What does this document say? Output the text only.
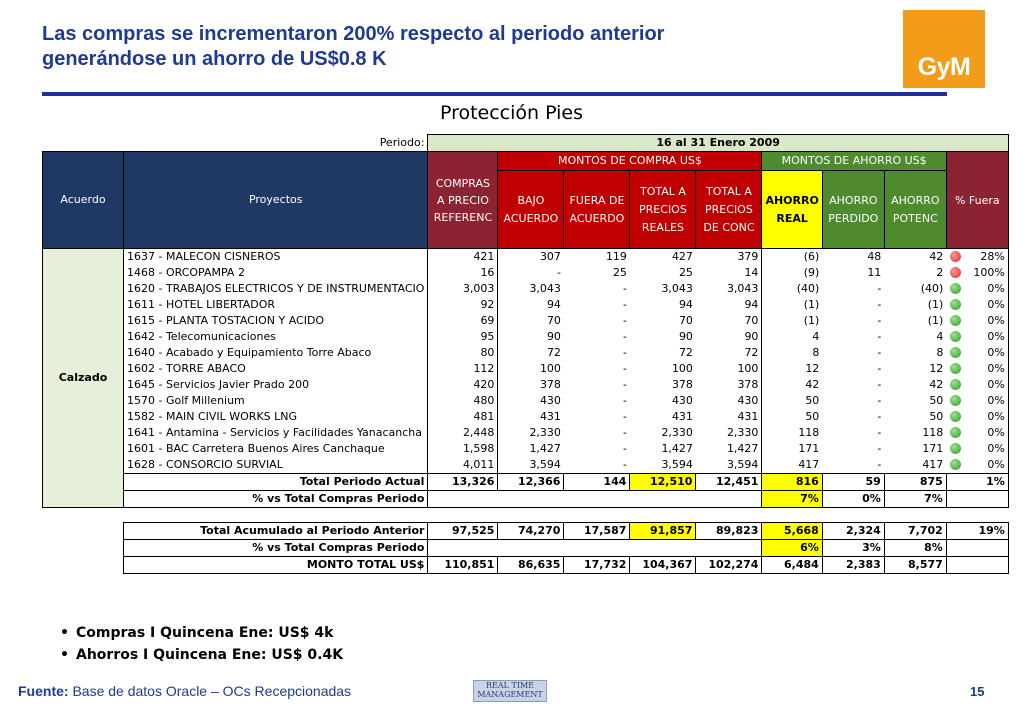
Las compras se incrementaron 200% respecto al periodo anterior
generándose un ahorro de US$0.8 K	GyM
Protección Pies
Periodo:		16 al 31 Enero 2009								
Acuerdo	Proyectos	COMPRAS A PRECIO REFERENC	MONTOS DE COMPRA US$				MONTOS DE AHORRO US$			% Fuera
			BAJO ACUERDO	FUERA DE ACUERDO	TOTAL A PRECIOS REALES	TOTAL A PRECIOS DE CONC	AHORRO REAL	AHORRO PERDIDO	AHORRO POTENC	
Calzado	1637 - MALECON CISNEROS	421	307	119	427	379	(6)	48	42	28%
	1468 - ORCOPAMPA 2	16	-	25	25	14	(9)	11	2	100%
	1620 - TRABAJOS ELECTRICOS Y DE INSTRUMENTACIO	3,003	3,043	-	3,043	3,043	(40)	-	(40)	0%
	1611 - HOTEL LIBERTADOR	92	94	-	94	94	(1)	-	(1)	0%
	1615 - PLANTA TOSTACION Y ACIDO	69	70	-	70	70	(1)	-	(1)	0%
	1642 - Telecomunicaciones	95	90	-	90	90	4	-	4	0%
	1640 - Acabado y Equipamiento Torre Abaco	80	72	-	72	72	8	-	8	0%
	1602 - TORRE ABACO	112	100	-	100	100	12	-	12	0%
	1645 - Servicios Javier Prado 200	420	378	-	378	378	42	-	42	0%
	1570 - Golf Millenium	480	430	-	430	430	50	-	50	0%
	1582 - MAIN CIVIL WORKS LNG	481	431	-	431	431	50	-	50	0%
	1641 - Antamina - Servicios y Facilidades Yanacancha	2,448	2,330	-	2,330	2,330	118	-	118	0%
	1601 - BAC Carretera Buenos Aires Canchaque	1,598	1,427	-	1,427	1,427	171	-	171	0%
	1628 - CONSORCIO SURVIAL	4,011	3,594	-	3,594	3,594	417	-	417	0%
	Total Periodo Actual	13,326	12,366	144	12,510	12,451	816	59	875	1%
	% vs Total Compras Periodo						7%	0%	7%	

	Total Acumulado al Periodo Anterior	97,525	74,270	17,587	91,857	89,823	5,668	2,324	7,702	19%
	% vs Total Compras Periodo						6%	3%	8%	
	MONTO TOTAL US$	110,851	86,635	17,732	104,367	102,274	6,484	2,383	8,577	
• Compras I Quincena Ene: US$ 4k
• Ahorros I Quincena Ene: US$ 0.4K
Fuente: Base de datos Oracle – OCs Recepcionadas	REAL TIME
MANAGEMENT	15
